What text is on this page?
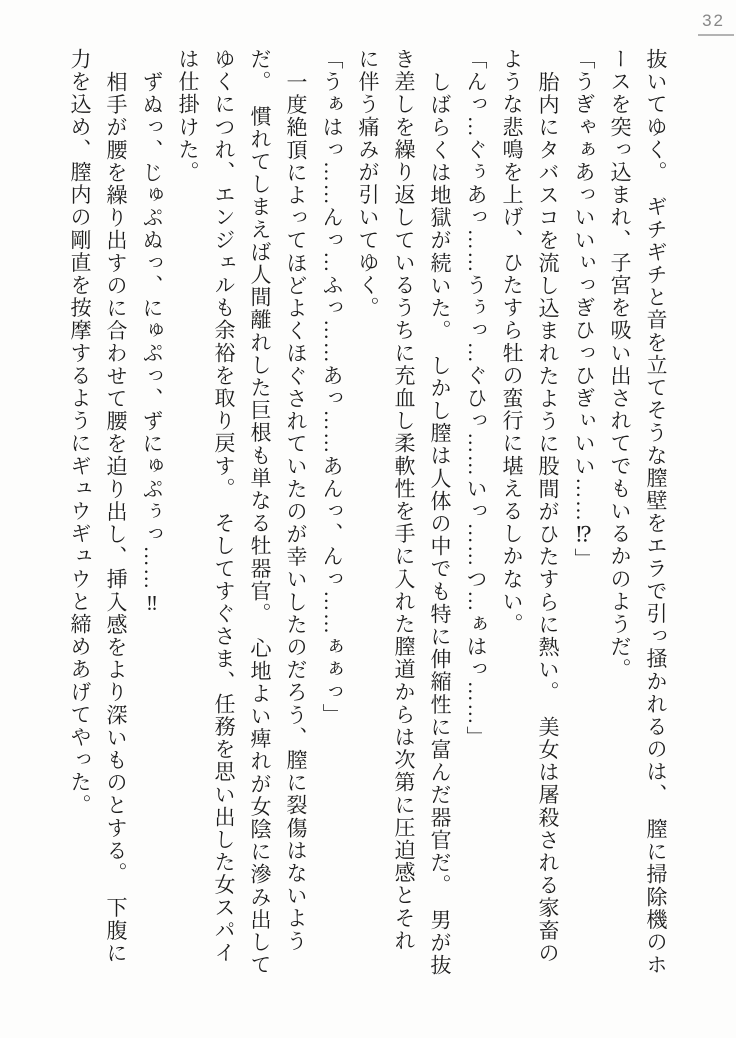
32
抜いてゆく。　ギチギチと音を立てそうな膣壁をエラで引っ掻かれるのは、　膣に掃除機のホ
ースを突っ込まれ、子宮を吸い出されてでもいるかのようだ。
「うぎゃぁあっいいぃっぎひっひぎぃいい……⁉」
胎内にタバスコを流し込まれたように股間がひたすらに熱い。　美女は屠殺される家畜の
ような悲鳴を上げ、ひたすら牡の蛮行に堪えるしかない。
「んっ…ぐぅあっ……うぅっ…ぐひっ……いっ……つ…ぁはっ……」
しばらくは地獄が続いた。　しかし膣は人体の中でも特に伸縮性に富んだ器官だ。　男が抜
き差しを繰り返しているうちに充血し柔軟性を手に入れた膣道からは次第に圧迫感とそれ
に伴う痛みが引いてゆく。
「うぁはっ……んっ…ふっ……あっ……あんっ、んっ……ぁぁっ」
一度絶頂によってほどよくほぐされていたのが幸いしたのだろう、膣に裂傷はないよう
だ。　慣れてしまえば人間離れした巨根も単なる牡器官。　心地よい痺れが女陰に滲み出して
ゆくにつれ、エンジェルも余裕を取り戻す。　そしてすぐさま、任務を思い出した女スパイ
は仕掛けた。
ずぬっ、じゅぷぬっ、にゅぷっ、ずにゅぷぅっ……‼
相手が腰を繰り出すのに合わせて腰を迫り出し、挿入感をより深いものとする。　下腹に
力を込め、膣内の剛直を按摩するようにギュウギュウと締めあげてやった。
